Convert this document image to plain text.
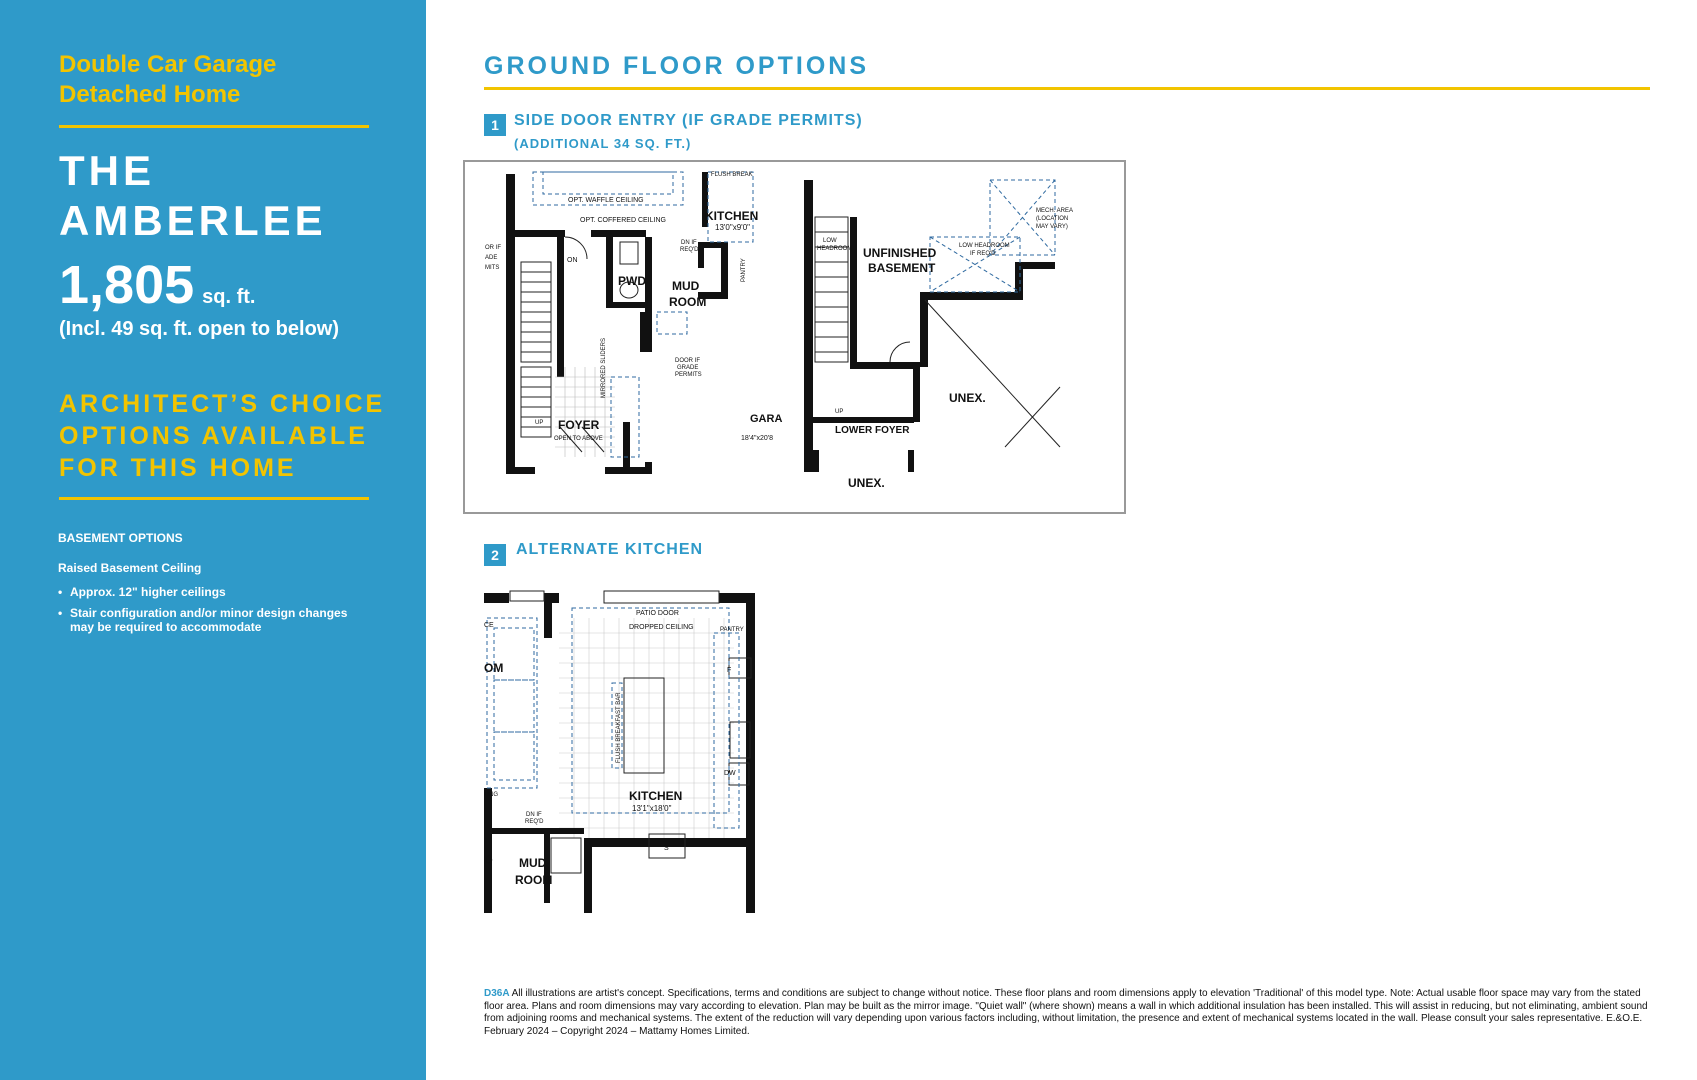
Double Car Garage
Detached Home
THE
AMBERLEE
1,805 sq. ft.
(Incl. 49 sq. ft. open to below)
ARCHITECT’S CHOICE
OPTIONS AVAILABLE
FOR THIS HOME
BASEMENT OPTIONS
Raised Basement Ceiling
• Approx. 12" higher ceilings
• Stair configuration and/or minor design changes may be required to accommodate
GROUND FLOOR OPTIONS
1 SIDE DOOR ENTRY (IF GRADE PERMITS)
(ADDITIONAL 34 SQ. FT.)
OPT. WAFFLE CEILING
OPT. COFFERED CEILING	KITCHEN
13'0"x9'0"
DN IF
REQ'D
PANTRY
ON
PWD MUD
ROOM
DOOR IF
GRADE
PERMITS
MIRRORED SLIDERS
FOYER
OPEN TO ABOVE
UP	GARA
18'4"x20'8
OR IF
ADE
MITS
LOW
HEADROOM UNFINISHED
BASEMENT
LOW HEADROOM
IF REQ'D
MECH. AREA
(LOCATION
MAY VARY)
UNEX.
UNEX.
UP
FINISHED
LOWER FOYER
FLUSH BREAK
2	ALTERNATE KITCHEN
PATIO DOOR
DROPPED CEILING	PANTRY
F
DW
S
FLUSH BREAKFAST BAR
KITCHEN
13'1"x18'0"
DN IF
REQ'D
MUD
ROOM
CE
OM
LING
D
D36A All illustrations are artist's concept. Specifications, terms and conditions are subject to change without notice. These floor plans and room dimensions apply to elevation 'Traditional' of this model type. Note: Actual usable floor space may vary from the stated floor area. Plans and room dimensions may vary according to elevation. Plan may be built as the mirror image. "Quiet wall" (where shown) means a wall in which additional insulation has been installed. This will assist in reducing, but not eliminating, ambient sound from adjoining rooms and mechanical systems. The extent of the reduction will vary depending upon various factors including, without limitation, the presence and extent of mechanical systems located in the wall. Please consult your sales representative. E.&O.E. February 2024 – Copyright 2024 – Mattamy Homes Limited.
